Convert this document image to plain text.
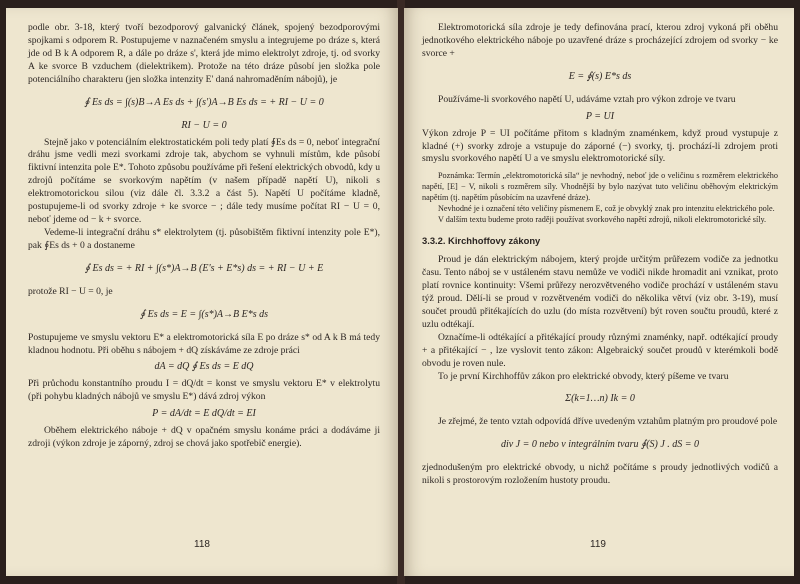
podle obr. 3-18, který tvoří bezodporový galvanický článek, spojený bezodporovými spojkami s odporem R. Postupujeme v naznačeném smyslu a integrujeme po dráze s, která jde od B k A odporem R, a dále po dráze s', která jde mimo elektrolyt zdroje, tj. od svorky A ke svorce B vzduchem (dielektrikem). Protože na této dráze působí jen složka pole potenciálního charakteru (jen složka intenzity E' daná nahromaděním nábojů), je

∮ Es ds = ∫(s)B→A Es ds + ∫(s')A→B Es ds = + RI − U = 0
RI − U = 0

Stejně jako v potenciálním elektrostatickém poli tedy platí ∮Es ds = 0, neboť integrační dráhu jsme vedli mezi svorkami zdroje tak, abychom se vyhnuli místům, kde působí fiktivní intenzita pole E*. Tohoto způsobu používáme při řešení elektrických obvodů, kdy u zdrojů počítáme se svorkovým napětím (v našem případě napětí U), nikoli s elektromotorickou silou (viz dále čl. 3.3.2 a část 5). Napětí U počítáme kladně, postupujeme-li od svorky zdroje + ke svorce − ; dále tedy musíme počítat RI − U = 0, neboť jdeme od − k + svorce.

Vedeme-li integrační dráhu s* elektrolytem (tj. působištěm fiktivní intenzity pole E*), pak ∮Es ds + 0 a dostaneme

∮ Es ds = + RI + ∫(s*)A→B (E's + E*s) ds = + RI − U + E

protože RI − U = 0, je

∮ Es ds = E = ∫(s*)A→B E*s ds

Postupujeme ve smyslu vektoru E* a elektromotorická síla E po dráze s* od A k B má tedy kladnou hodnotu. Při oběhu s nábojem + dQ získáváme ze zdroje práci

dA = dQ ∮ Es ds = E dQ

Při průchodu konstantního proudu I = dQ/dt = konst ve smyslu vektoru E* v elektrolytu (při pohybu kladných nábojů ve smyslu E*) dává zdroj výkon

P = dA/dt = E dQ/dt = EI

Oběhem elektrického náboje + dQ v opačném smyslu konáme práci a dodáváme ji zdroji (výkon zdroje je záporný, zdroj se chová jako spotřebič energie).

118

Elektromotorická síla zdroje je tedy definována prací, kterou zdroj vykoná při oběhu jednotkového elektrického náboje po uzavřené dráze s procházející zdrojem od svorky − ke svorce +

E = ∮(s) E*s ds

Používáme-li svorkového napětí U, udáváme vztah pro výkon zdroje ve tvaru

P = UI

Výkon zdroje P = UI počítáme přitom s kladným znaménkem, když proud vystupuje z kladné (+) svorky zdroje a vstupuje do záporné (−) svorky, tj. prochází-li zdrojem proti smyslu svorkového napětí U a ve smyslu elektromotorické síly.

Poznámka: Termín „elektromotorická síla“ je nevhodný, neboť jde o veličinu s rozměrem elektrického napětí, [E] − V, nikoli s rozměrem síly. Vhodnější by bylo nazývat tuto veličinu oběhovým elektrickým napětím (tj. napětím působícím na uzavřené dráze).

Nevhodné je i označení této veličiny písmenem E, což je obvyklý znak pro intenzitu elektrického pole.

V dalším textu budeme proto raději používat svorkového napětí zdrojů, nikoli elektromotorické síly.

3.3.2. Kirchhoffovy zákony

Proud je dán elektrickým nábojem, který projde určitým průřezem vodiče za jednotku času. Tento náboj se v ustáleném stavu nemůže ve vodiči nikde hromadit ani vznikat, proto platí rovnice kontinuity: Všemi průřezy nerozvětveného vodiče prochází v ustáleném stavu týž proud. Dělí-li se proud v rozvětveném vodiči do několika větví (viz obr. 3-19), musí součet proudů přitékajících do uzlu (do místa rozvětvení) být roven součtu proudů, které z uzlu odtékají.

Označíme-li odtékající a přitékající proudy různými znaménky, např. odtékající proudy + a přitékající − , lze vyslovit tento zákon: Algebraický součet proudů v kterémkoli bodě obvodu je roven nule.

To je první Kirchhoffův zákon pro elektrické obvody, který píšeme ve tvaru

Σ(k=1…n) Ik = 0

Je zřejmé, že tento vztah odpovídá dříve uvedeným vztahům platným pro proudové pole

div J = 0 nebo v integrálním tvaru ∮(S) J . dS = 0

zjednodušeným pro elektrické obvody, u nichž počítáme s proudy jednotlivých vodičů a nikoli s prostorovým rozložením hustoty proudu.

119
